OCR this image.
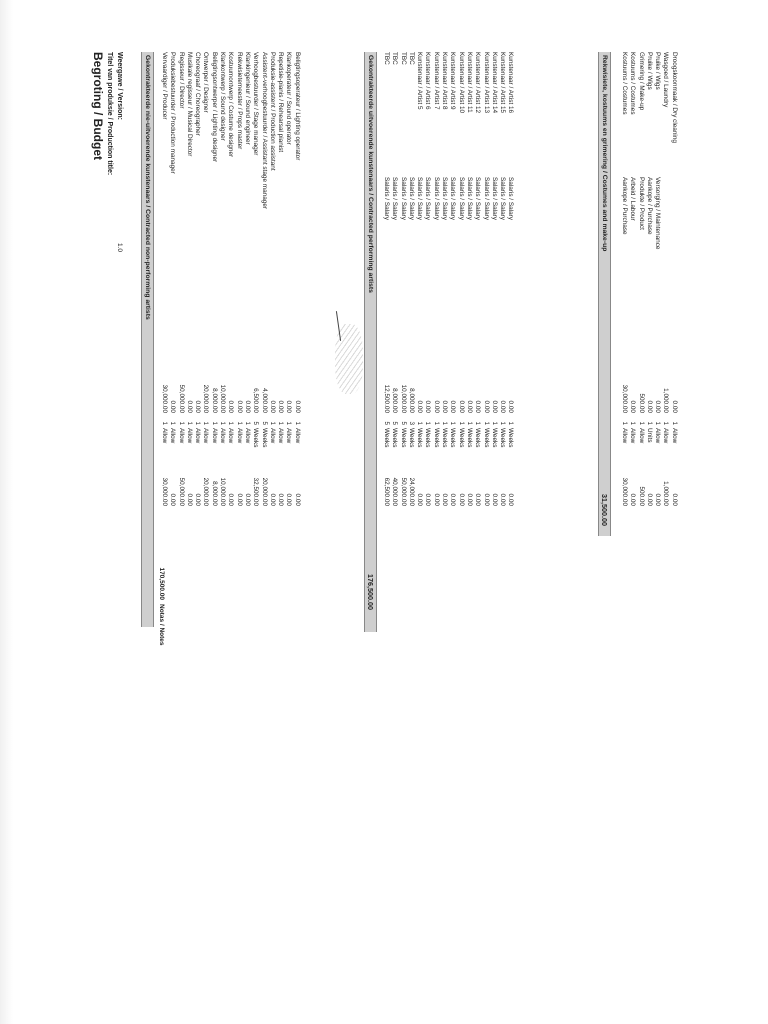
Begroting / Budget Titel van produksie / Production title: Weergawe / Version:
1.0
170,500.00
Notas / Notes
Gekontrakteerde nie-uitvoerende kunstenaars / Contracted non-performing artists	Vervaardiger / Producer
30,000.00
1
Allow
30,000.00
Produksiebestuurder / Production manager
0.00
1
Allow
0.00
Regisseur / Director
50,000.00
1
Allow
50,000.00
Musikale regisseur / Musical Director
0.00
1
Allow
0.00
Choreograaf / Choreographer
0.00
1
Allow
0.00
Ontwerper / Designer
20,000.00
1
Allow
20,000.00
Beligtingsontwerper / Lighting designer
8,000.00
1
Allow
8,000.00
Klankontwerp / Sound designer
10,000.00
1
Allow
10,000.00
Kostuumontwerp / Costume designer
0.00
1
Allow
0.00
Rekwisietemeester / Props master
0.00
1
Allow
0.00
Klankingenieur / Sound engineer
0.00
1
Allow
0.00
Verhoogbestuurder / Stage manager
6,500.00
5
Weeks
32,500.00
Assistent-verhoogbestuurder / Assistant stage manager
4,000.00
5
Weeks
20,000.00
Produksie-assistent / Production assistant
0.00
1
Allow
0.00
Repetisie-pianis / Rehearsal pianist
0.00
1
Allow
0.00
Klankoperateur / Sound operator
0.00
1
Allow
0.00
Beligtingsoperateur / Lighting operator
0.00
1
Allow
0.00
Gekontrakteerde uitvoerende kunstenaars / Contracted performing artists
176,500.00
TBC
Salaris / Salary
12,500.00
5
Weeks
62,500.00
TBC
Salaris / Salary
8,000.00
5
Weeks
40,000.00
TBC
Salaris / Salary
10,000.00
5
Weeks
50,000.00
TBC
Salaris / Salary
8,000.00
3
Weeks
24,000.00
Kunstenaar / Artist 5
Salaris / Salary
0.00
1
Weeks
0.00
Kunstenaar / Artist 6
Salaris / Salary
0.00
1
Weeks
0.00
Kunstenaar / Artist 7
Salaris / Salary
0.00
1
Weeks
0.00
Kunstenaar / Artist 8
Salaris / Salary
0.00
1
Weeks
0.00
Kunstenaar / Artist 9
Salaris / Salary
0.00
1
Weeks
0.00
Kunstenaar / Artist 10
Salaris / Salary
0.00
1
Weeks
0.00
Kunstenaar / Artist 11
Salaris / Salary
0.00
1
Weeks
0.00
Kunstenaar / Artist 12
Salaris / Salary
0.00
1
Weeks
0.00
Kunstenaar / Artist 13
Salaris / Salary
0.00
1
Weeks
0.00
Kunstenaar / Artist 14
Salaris / Salary
0.00
1
Weeks
0.00
Kunstenaar / Artist 15
Salaris / Salary
0.00
1
Weeks
0.00
Kunstenaar / Artist 16
Salaris / Salary
0.00
1
Weeks
0.00
Rekwisiete, kostuums en grimering / Costumes and make-up
31,500.00
Kostuums / Costumes
Aankope / Purchase
30,000.00
1
Allow
30,000.00
Kostuums / Costumes
Arbeid / Labour
0.00
1
Allow
0.00
Grimering / Make-up
Produkte / Product
500.00
1
Allow
500.00
Pruike / Wigs
Aankope / Purchase
0.00
1
Units
0.00
Pruike / Wigs
Versorging / Maintenance
0.00
1
Allow
0.00
Wasgoed / Laundry
1,000.00
1
Allow
1,000.00
Droogskoonmaak / Dry cleaning
0.00
1
Allow
0.00
